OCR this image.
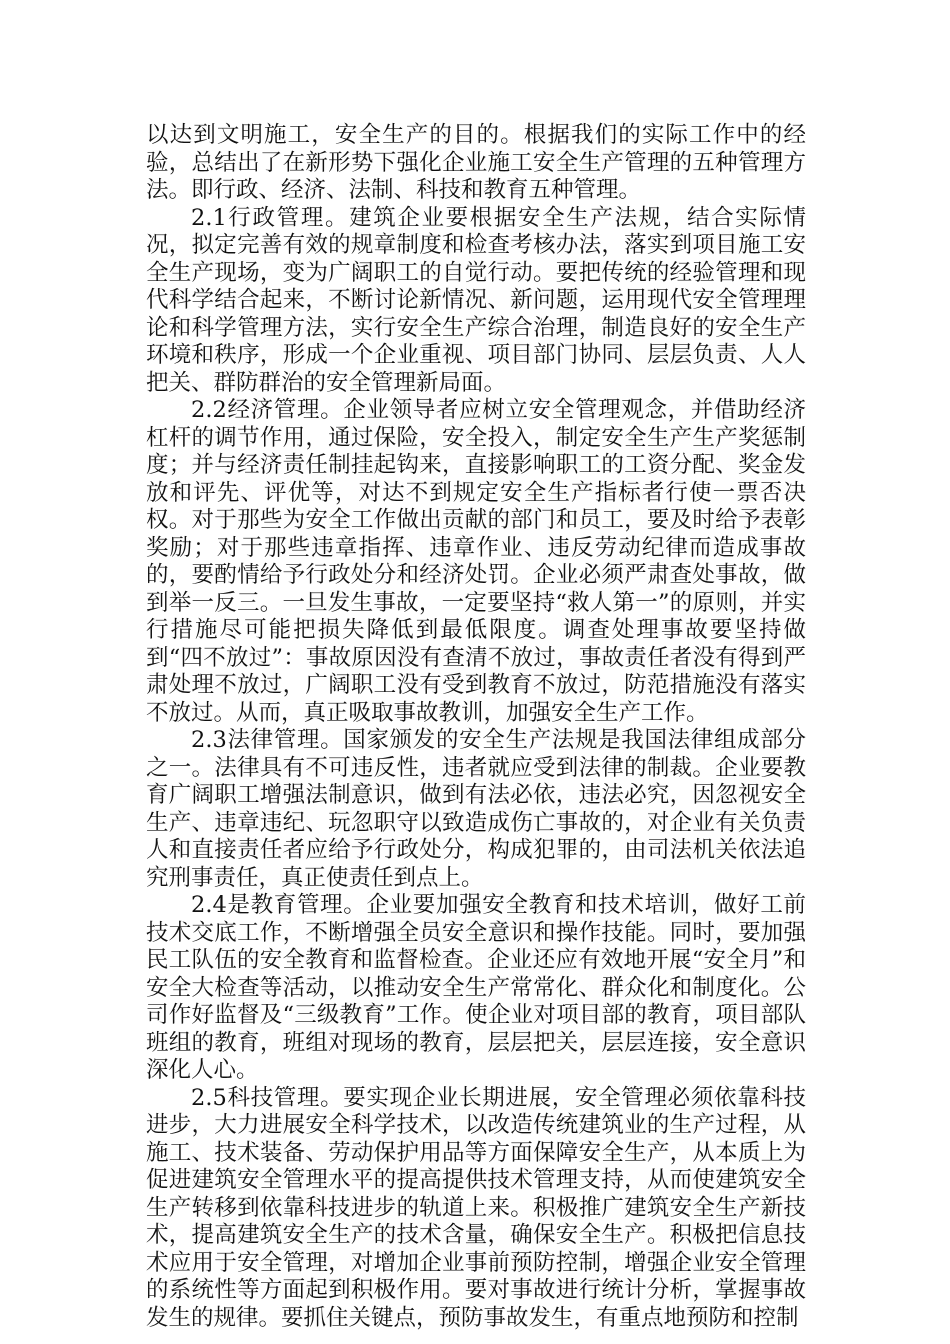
以达到文明施工，安全生产的目的。根据我们的实际工作中的经验，总结出了在新形势下强化企业施工安全生产管理的五种管理方法。即行政、经济、法制、科技和教育五种管理。

2.1行政管理。建筑企业要根据安全生产法规，结合实际情况，拟定完善有效的规章制度和检查考核办法，落实到项目施工安全生产现场，变为广阔职工的自觉行动。要把传统的经验管理和现代科学结合起来，不断讨论新情况、新问题，运用现代安全管理理论和科学管理方法，实行安全生产综合治理，制造良好的安全生产环境和秩序，形成一个企业重视、项目部门协同、层层负责、人人把关、群防群治的安全管理新局面。

2.2经济管理。企业领导者应树立安全管理观念，并借助经济杠杆的调节作用，通过保险，安全投入，制定安全生产生产奖惩制度；并与经济责任制挂起钩来，直接影响职工的工资分配、奖金发放和评先、评优等，对达不到规定安全生产指标者行使一票否决权。对于那些为安全工作做出贡献的部门和员工，要及时给予表彰奖励；对于那些违章指挥、违章作业、违反劳动纪律而造成事故的，要酌情给予行政处分和经济处罚。企业必须严肃查处事故，做到举一反三。一旦发生事故，一定要坚持“救人第一”的原则，并实行措施尽可能把损失降低到最低限度。调查处理事故要坚持做到“四不放过”：事故原因没有查清不放过，事故责任者没有得到严肃处理不放过，广阔职工没有受到教育不放过，防范措施没有落实不放过。从而，真正吸取事故教训，加强安全生产工作。

2.3法律管理。国家颁发的安全生产法规是我国法律组成部分之一。法律具有不可违反性，违者就应受到法律的制裁。企业要教育广阔职工增强法制意识，做到有法必依，违法必究，因忽视安全生产、违章违纪、玩忽职守以致造成伤亡事故的，对企业有关负责人和直接责任者应给予行政处分，构成犯罪的，由司法机关依法追究刑事责任，真正使责任到点上。

2.4是教育管理。企业要加强安全教育和技术培训，做好工前技术交底工作，不断增强全员安全意识和操作技能。同时，要加强民工队伍的安全教育和监督检查。企业还应有效地开展“安全月”和安全大检查等活动，以推动安全生产常常化、群众化和制度化。公司作好监督及“三级教育”工作。使企业对项目部的教育，项目部队班组的教育，班组对现场的教育，层层把关，层层连接，安全意识深化人心。

2.5科技管理。要实现企业长期进展，安全管理必须依靠科技进步，大力进展安全科学技术，以改造传统建筑业的生产过程，从施工、技术装备、劳动保护用品等方面保障安全生产，从本质上为促进建筑安全管理水平的提高提供技术管理支持，从而使建筑安全生产转移到依靠科技进步的轨道上来。积极推广建筑安全生产新技术，提高建筑安全生产的技术含量，确保安全生产。积极把信息技术应用于安全管理，对增加企业事前预防控制，增强企业安全管理的系统性等方面起到积极作用。要对事故进行统计分析，掌握事故发生的规律。要抓住关键点，预防事故发生，有重点地预防和控制
